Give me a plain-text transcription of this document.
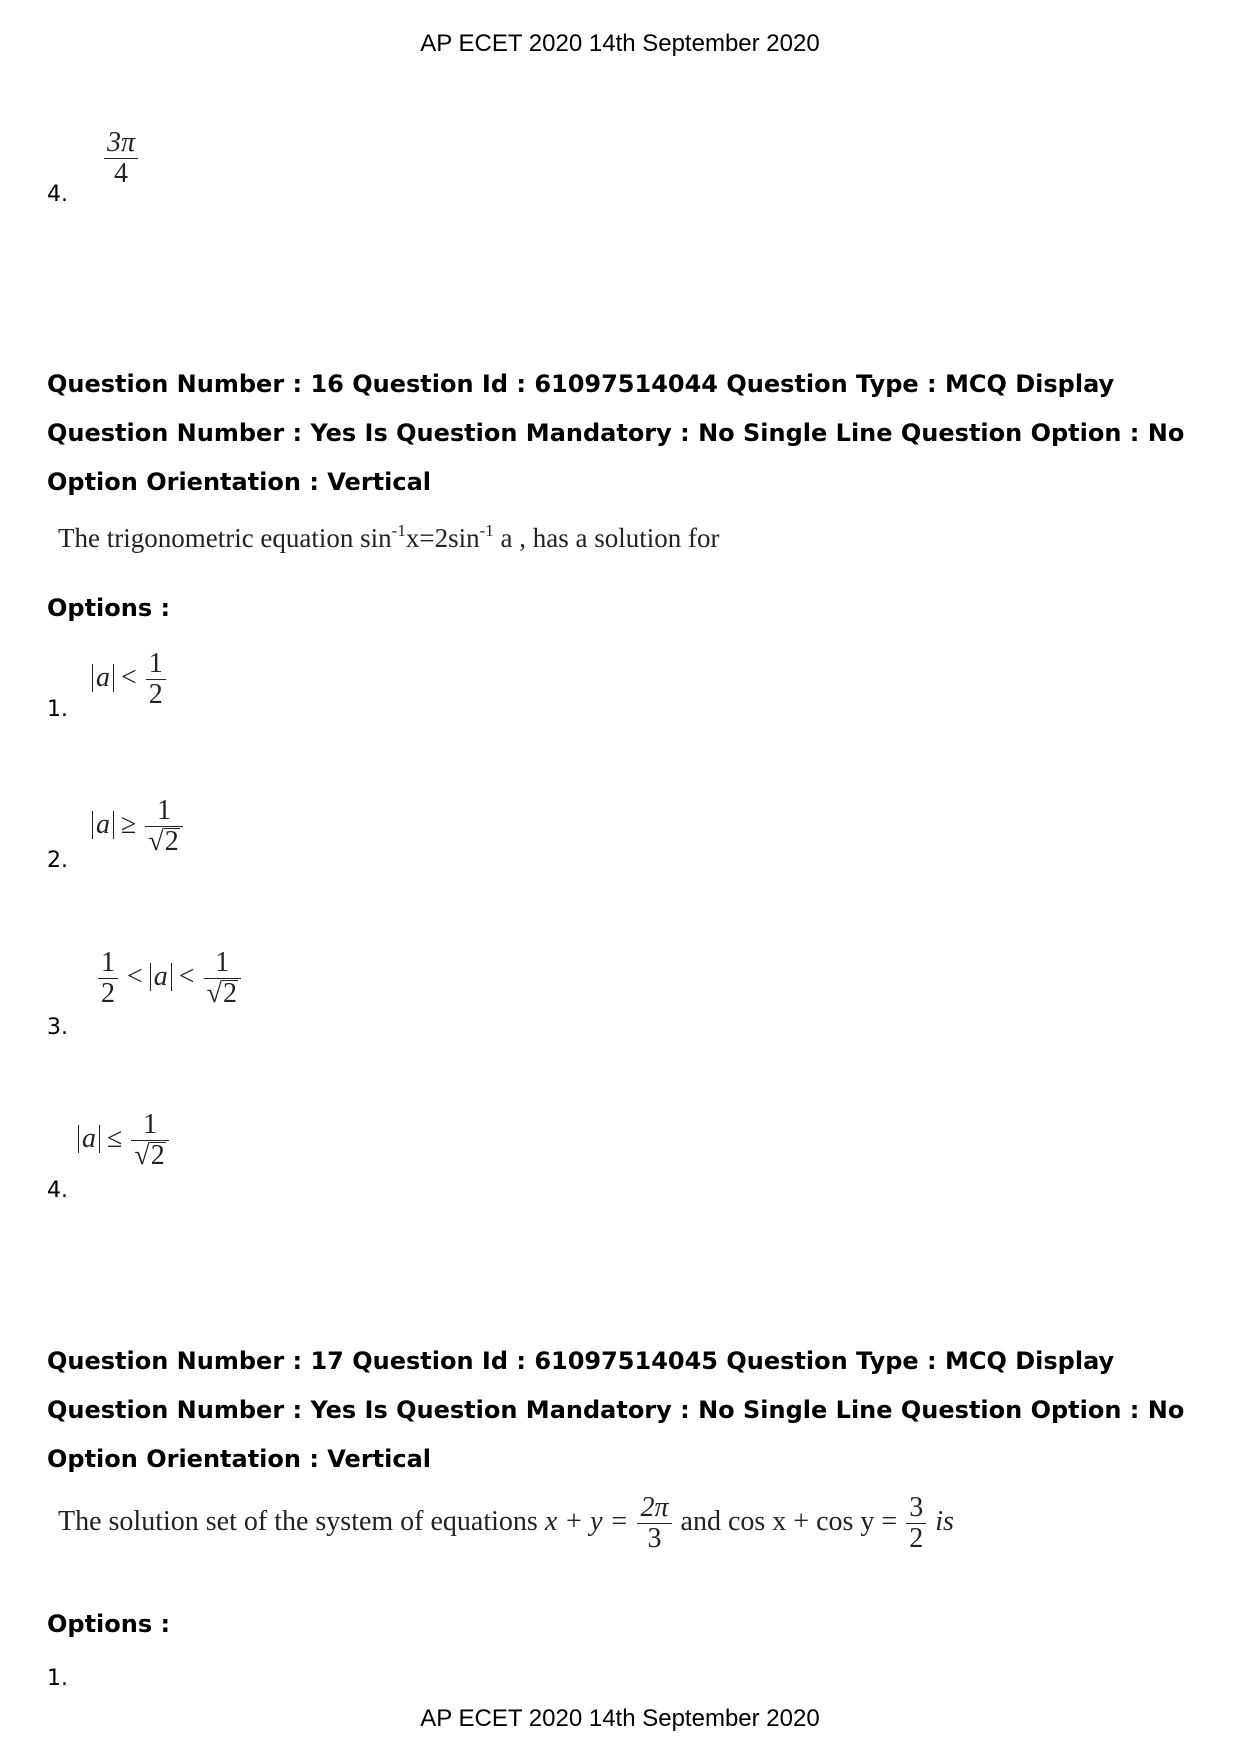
AP ECET 2020 14th September 2020
$\frac{3\pi}{4}$
4.
Question Number : 16 Question Id : 61097514044 Question Type : MCQ Display Question Number : Yes Is Question Mandatory : No Single Line Question Option : No Option Orientation : Vertical
The trigonometric equation $\sin^{-1}x=2\sin^{-1}$ a , has a solution for
Options :
$a < \frac{1}{2}$
1.
$a \ge \frac{1}{√2}$
2.
$\frac{1}{2} < a < \frac{1}{√2}$
3.
$a \le \frac{1}{√2}$
4.
Question Number : 17 Question Id : 61097514045 Question Type : MCQ Display Question Number : Yes Is Question Mandatory : No Single Line Question Option : No Option Orientation : Vertical
The solution set of the system of equations $x + y = \frac{2\pi}{3}$ and $\cos x + \cos y = \frac{3}{2}$ is
Options :
1.
AP ECET 2020 14th September 2020
